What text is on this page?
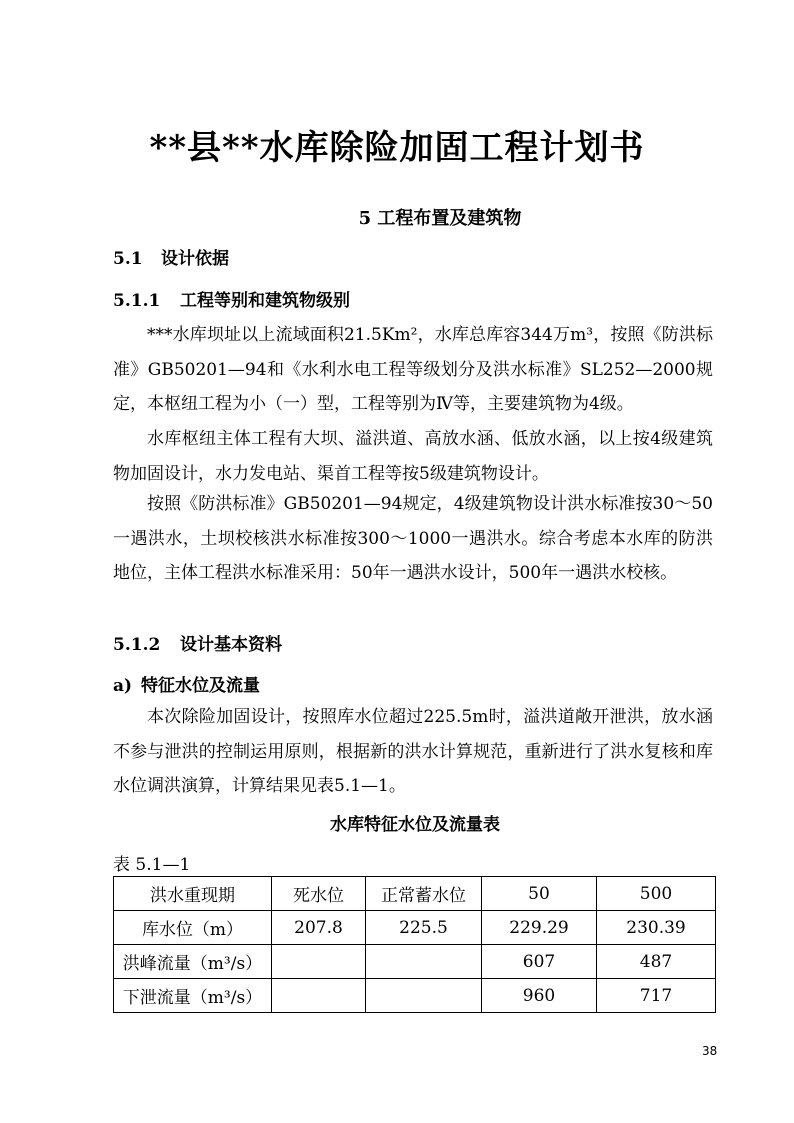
**县**水库除险加固工程计划书
5 工程布置及建筑物
5.1 设计依据
5.1.1 工程等别和建筑物级别
***水库坝址以上流域面积21.5Km²，水库总库容344万m³，按照《防洪标准》GB50201—94和《水利水电工程等级划分及洪水标准》SL252—2000规定，本枢纽工程为小（一）型，工程等别为Ⅳ等，主要建筑物为4级。
水库枢纽主体工程有大坝、溢洪道、高放水涵、低放水涵，以上按4级建筑物加固设计，水力发电站、渠首工程等按5级建筑物设计。
按照《防洪标准》GB50201—94规定，4级建筑物设计洪水标准按30～50一遇洪水，土坝校核洪水标准按300～1000一遇洪水。综合考虑本水库的防洪地位，主体工程洪水标准采用：50年一遇洪水设计，500年一遇洪水校核。
5.1.2 设计基本资料
a) 特征水位及流量
本次除险加固设计，按照库水位超过225.5m时，溢洪道敞开泄洪，放水涵不参与泄洪的控制运用原则，根据新的洪水计算规范，重新进行了洪水复核和库水位调洪演算，计算结果见表5.1—1。
水库特征水位及流量表
表 5.1—1
洪水重现期	死水位	正常蓄水位	50	500
库水位（m）	207.8	225.5	229.29	230.39
洪峰流量（m³/s）			607	487
下泄流量（m³/s）			960	717
38
